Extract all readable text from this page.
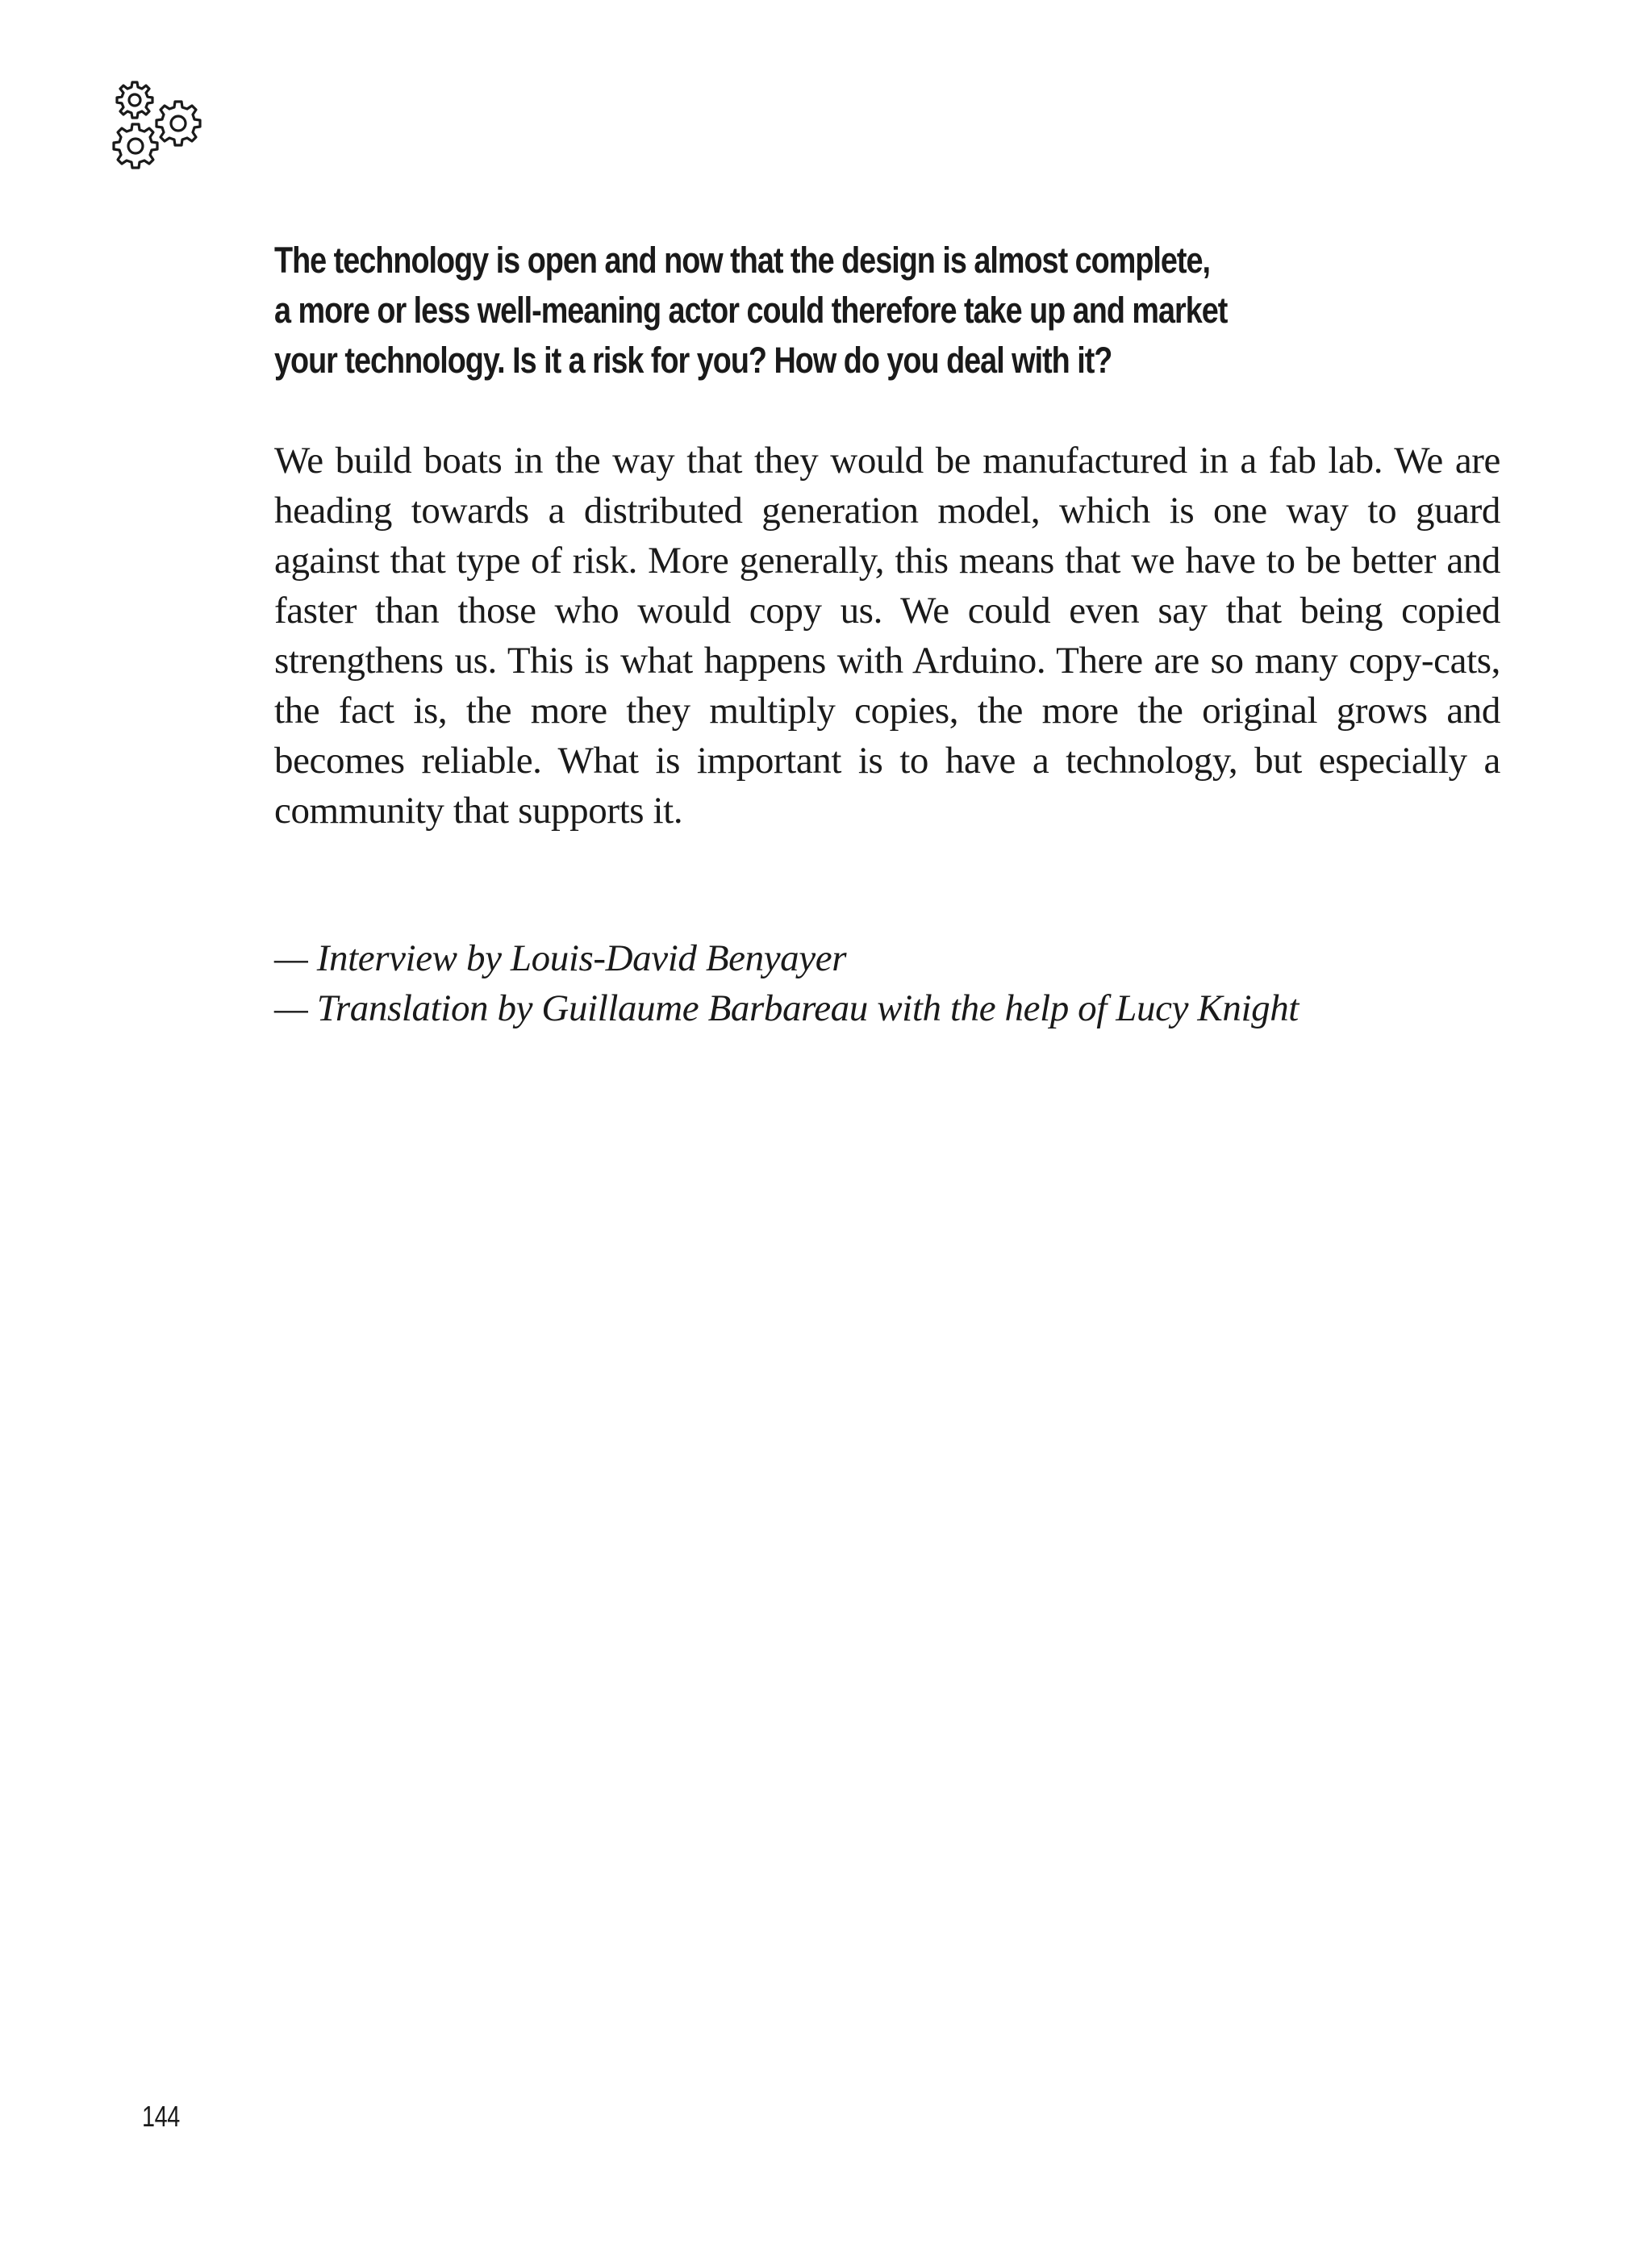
The technology is open and now that the design is almost complete,
a more or less well-meaning actor could therefore take up and market
your technology. Is it a risk for you? How do you deal with it?

We build boats in the way that they would be manufactured in a fab lab. We are heading towards a distributed generation model, which is one way to guard against that type of risk. More generally, this means that we have to be better and faster than those who would copy us. We could even say that being copied strengthens us. This is what happens with Arduino. There are so many copy-cats, the fact is, the more they multiply copies, the more the original grows and becomes reliable. What is important is to have a technology, but especially a community that supports it.

— Interview by Louis-David Benyayer
— Translation by Guillaume Barbareau with the help of Lucy Knight
144
